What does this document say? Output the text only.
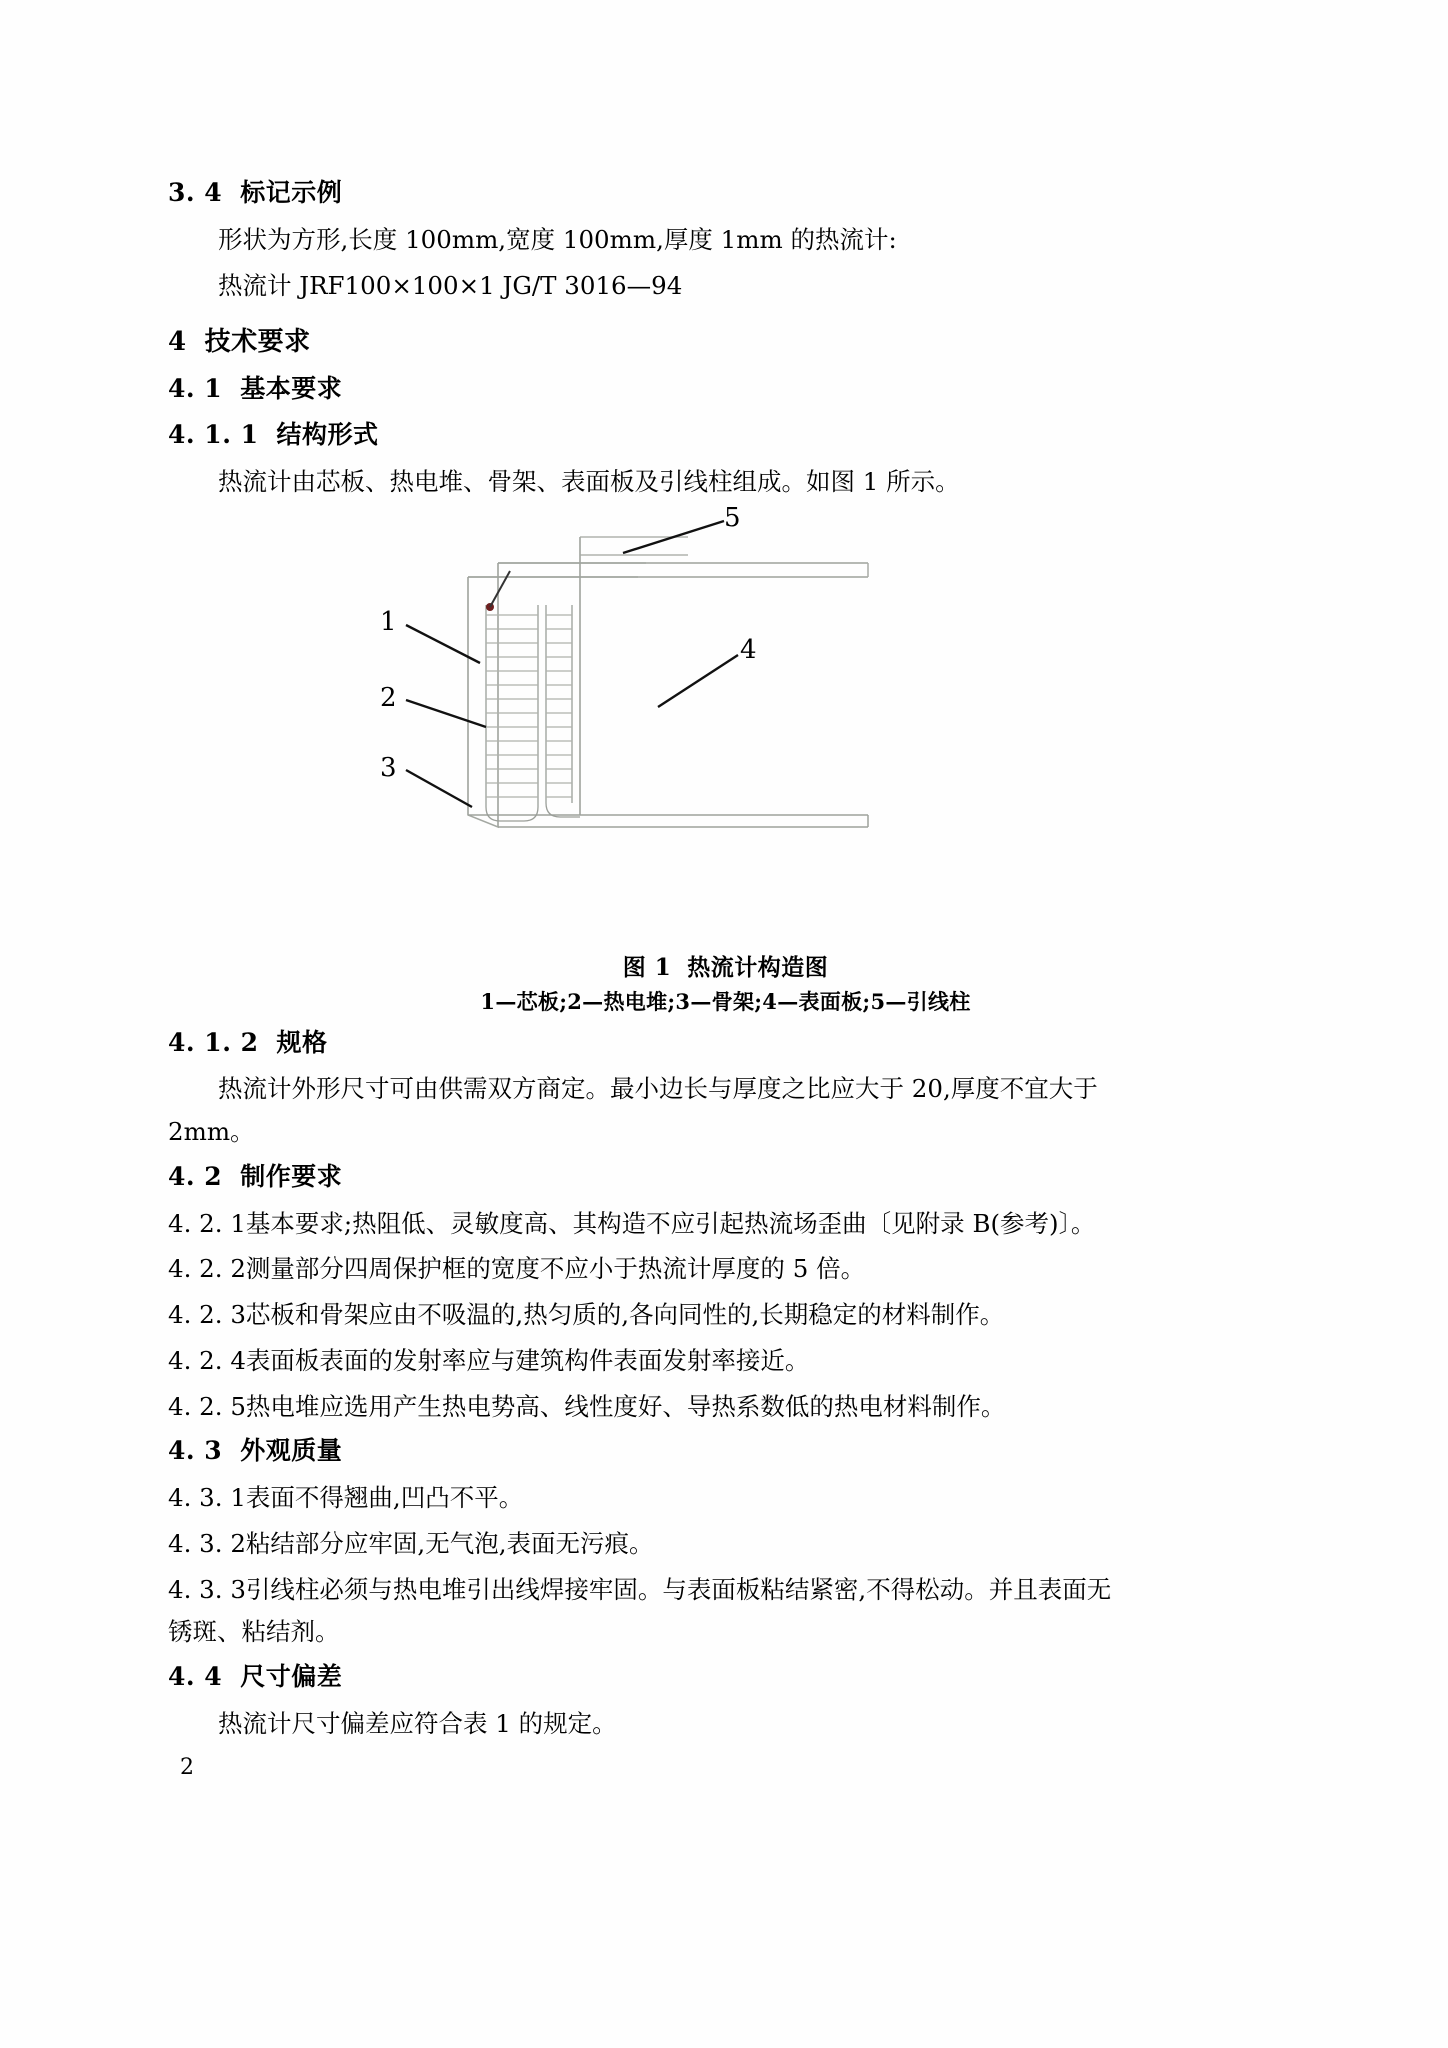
3. 4 标记示例
形状为方形,长度 100mm,宽度 100mm,厚度 1mm 的热流计:
热流计 JRF100×100×1 JG/T 3016—94
4 技术要求
4. 1 基本要求
4. 1. 1 结构形式
热流计由芯板、热电堆、骨架、表面板及引线柱组成。如图 1 所示。
5
1
2
3
4
图 1 热流计构造图
1—芯板;2—热电堆;3—骨架;4—表面板;5—引线柱
4. 1. 2 规格
热流计外形尺寸可由供需双方商定。最小边长与厚度之比应大于 20,厚度不宜大于
2mm。
4. 2 制作要求
4. 2. 1基本要求;热阻低、灵敏度高、其构造不应引起热流场歪曲〔见附录 B(参考)〕。
4. 2. 2测量部分四周保护框的宽度不应小于热流计厚度的 5 倍。
4. 2. 3芯板和骨架应由不吸温的,热匀质的,各向同性的,长期稳定的材料制作。
4. 2. 4表面板表面的发射率应与建筑构件表面发射率接近。
4. 2. 5热电堆应选用产生热电势高、线性度好、导热系数低的热电材料制作。
4. 3 外观质量
4. 3. 1表面不得翘曲,凹凸不平。
4. 3. 2粘结部分应牢固,无气泡,表面无污痕。
4. 3. 3引线柱必须与热电堆引出线焊接牢固。与表面板粘结紧密,不得松动。并且表面无
锈斑、粘结剂。
4. 4 尺寸偏差
热流计尺寸偏差应符合表 1 的规定。
2
